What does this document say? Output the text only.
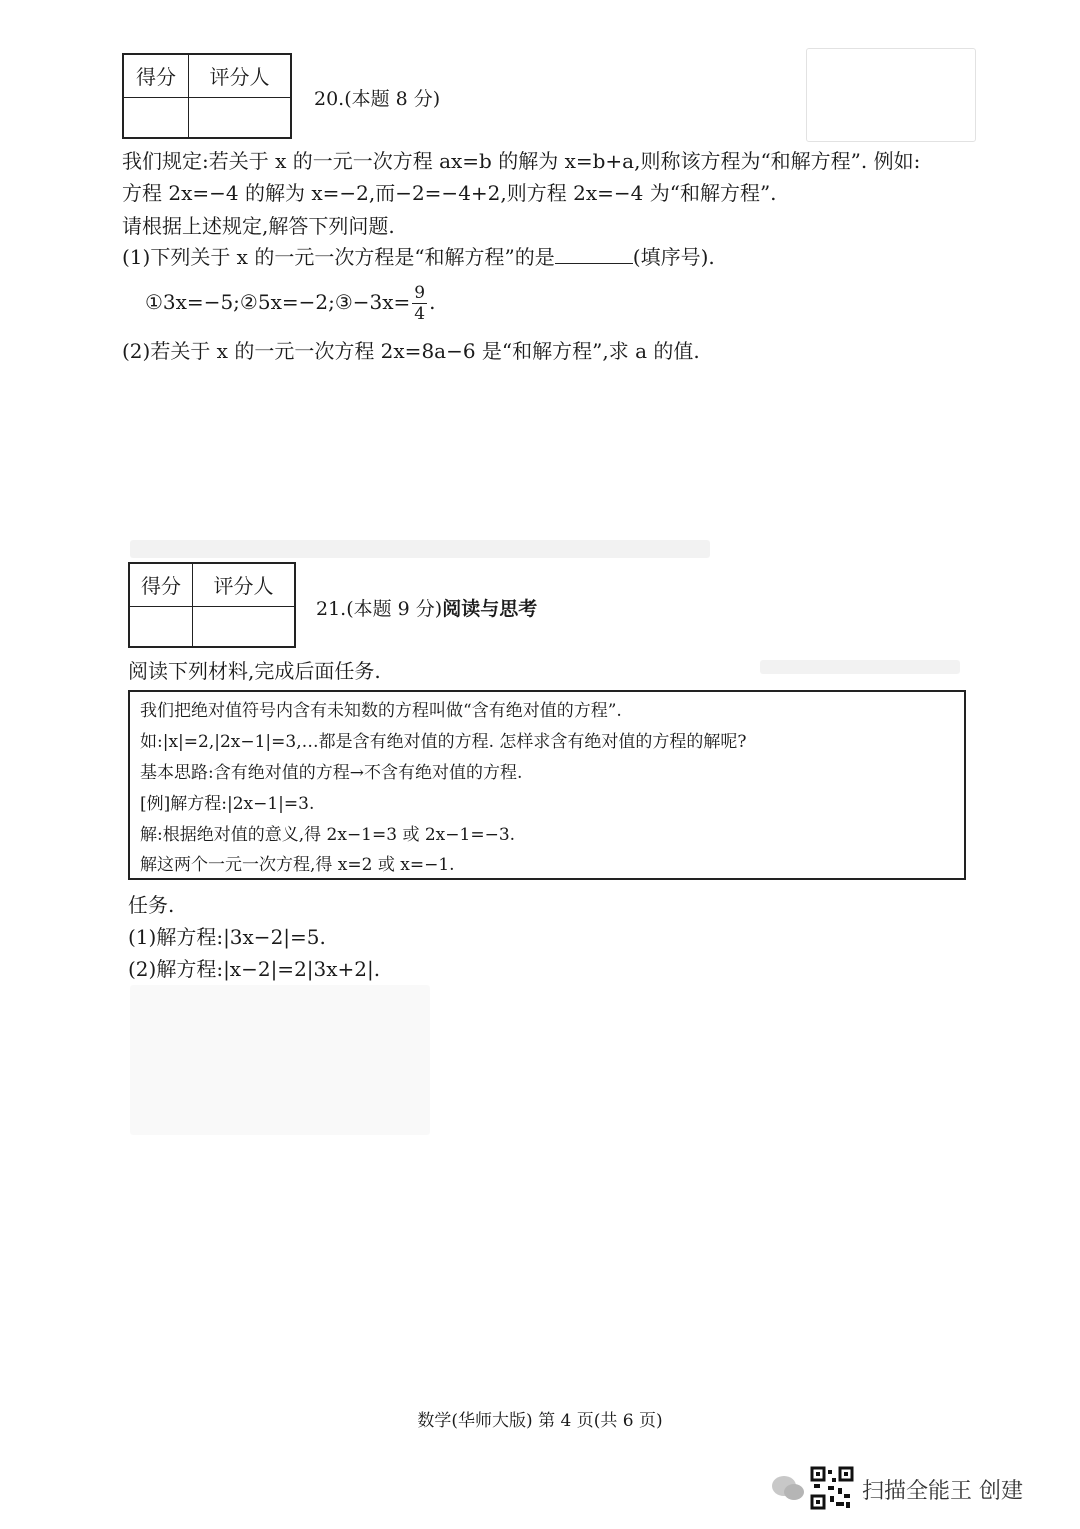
得分	评分人

20.(本题 8 分)
我们规定:若关于 x 的一元一次方程 ax=b 的解为 x=b+a,则称该方程为“和解方程”. 例如:
方程 2x=−4 的解为 x=−2,而−2=−4+2,则方程 2x=−4 为“和解方程”.
请根据上述规定,解答下列问题.
(1)下列关于 x 的一元一次方程是“和解方程”的是	(填序号).
①3x=−5;②5x=−2;③−3x= $\frac{9}{4}$ .
(2)若关于 x 的一元一次方程 2x=8a−6 是“和解方程”,求 a 的值.
得分	评分人

21.(本题 9 分)阅读与思考
阅读下列材料,完成后面任务.
我们把绝对值符号内含有未知数的方程叫做“含有绝对值的方程”.
如:|x|=2,|2x−1|=3,…都是含有绝对值的方程. 怎样求含有绝对值的方程的解呢?
基本思路:含有绝对值的方程→不含有绝对值的方程.
[例]解方程:|2x−1|=3.
解:根据绝对值的意义,得 2x−1=3 或 2x−1=−3.
解这两个一元一次方程,得 x=2 或 x=−1.
任务.
(1)解方程:|3x−2|=5.
(2)解方程:|x−2|=2|3x+2|.
数学(华师大版) 第 4 页(共 6 页)
扫描全能王 创建
